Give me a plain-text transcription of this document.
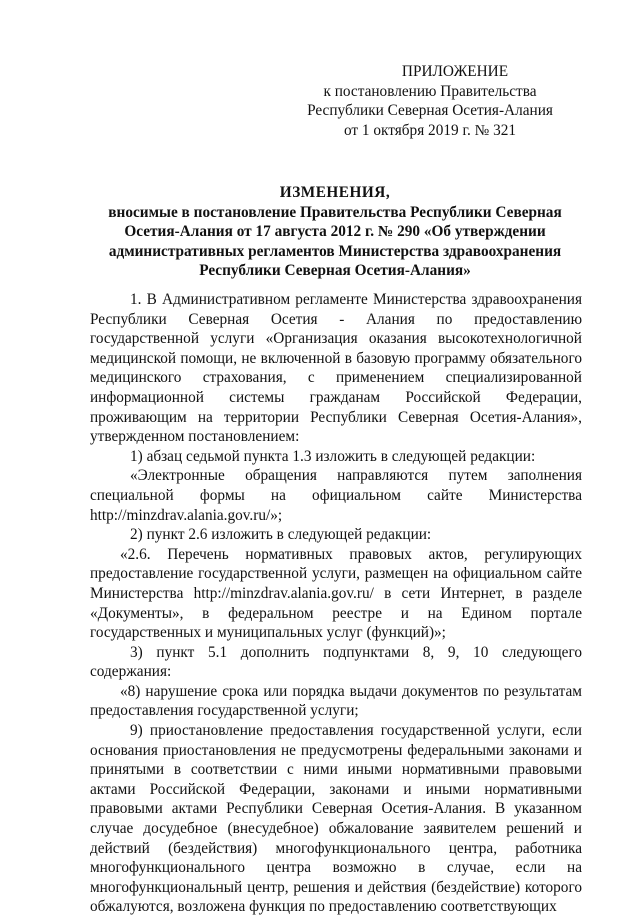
ПРИЛОЖЕНИЕ
к постановлению Правительства
Республики Северная Осетия-Алания
от 1 октября 2019 г. № 321
ИЗМЕНЕНИЯ,
вносимые в постановление Правительства Республики Северная Осетия-Алания от 17 августа 2012 г. № 290 «Об утверждении административных регламентов Министерства здравоохранения Республики Северная Осетия-Алания»

1. В Административном регламенте Министерства здравоохранения Республики Северная Осетия - Алания по предоставлению государственной услуги «Организация оказания высокотехнологичной медицинской помощи, не включенной в базовую программу обязательного медицинского страхования, с применением специализированной информационной системы гражданам Российской Федерации, проживающим на территории Республики Северная Осетия-Алания», утвержденном постановлением:

1) абзац седьмой пункта 1.3 изложить в следующей редакции:

«Электронные обращения направляются путем заполнения специальной формы на официальном сайте Министерства http://minzdrav.alania.gov.ru/»;

2) пункт 2.6 изложить в следующей редакции:

«2.6. Перечень нормативных правовых актов, регулирующих предоставление государственной услуги, размещен на официальном сайте Министерства http://minzdrav.alania.gov.ru/ в сети Интернет, в разделе «Документы», в федеральном реестре и на Едином портале государственных и муниципальных услуг (функций)»;

3) пункт 5.1 дополнить подпунктами 8, 9, 10 следующего содержания:

«8) нарушение срока или порядка выдачи документов по результатам предоставления государственной услуги;

9) приостановление предоставления государственной услуги, если основания приостановления не предусмотрены федеральными законами и принятыми в соответствии с ними иными нормативными правовыми актами Российской Федерации, законами и иными нормативными правовыми актами Республики Северная Осетия-Алания. В указанном случае досудебное (внесудебное) обжалование заявителем решений и действий (бездействия) многофункционального центра, работника многофункционального центра возможно в случае, если на многофункциональный центр, решения и действия (бездействие) которого обжалуются, возложена функция по предоставлению соответствующих
